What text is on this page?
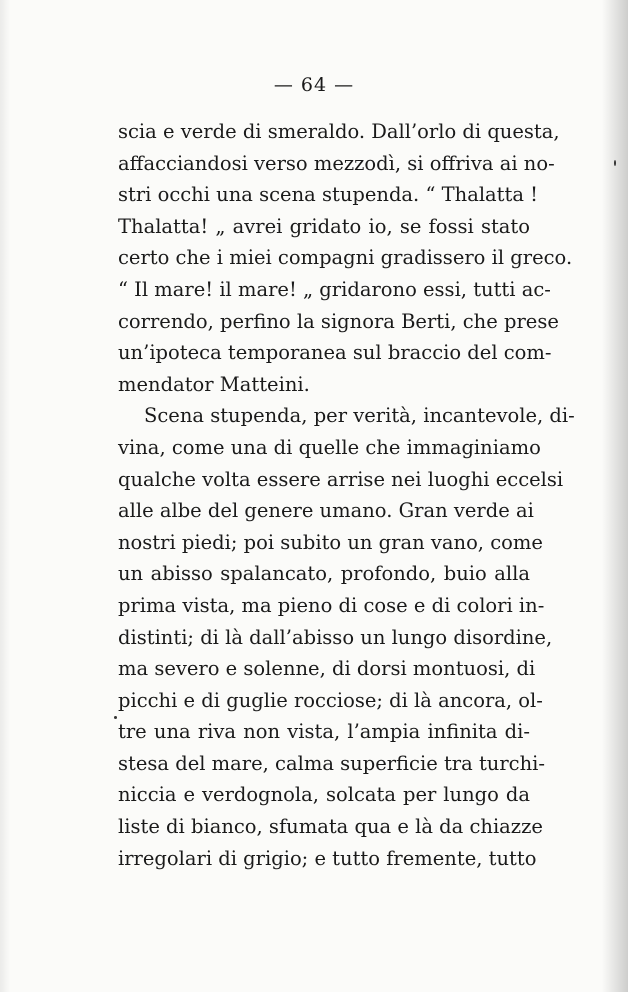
— 64 —
scia e verde di smeraldo. Dall’orlo di questa,
affacciandosi verso mezzodì, si offriva ai no-
stri occhi una scena stupenda. “ Thalatta !
Thalatta! „ avrei gridato io, se fossi stato
certo che i miei compagni gradissero il greco.
“ Il mare! il mare! „ gridarono essi, tutti ac-
correndo, perfino la signora Berti, che prese
un’ipoteca temporanea sul braccio del com-
mendator Matteini.
Scena stupenda, per verità, incantevole, di-
vina, come una di quelle che immaginiamo
qualche volta essere arrise nei luoghi eccelsi
alle albe del genere umano. Gran verde ai
nostri piedi; poi subito un gran vano, come
un abisso spalancato, profondo, buio alla
prima vista, ma pieno di cose e di colori in-
distinti; di là dall’abisso un lungo disordine,
ma severo e solenne, di dorsi montuosi, di
picchi e di guglie rocciose; di là ancora, ol-
tre una riva non vista, l’ampia infinita di-
stesa del mare, calma superficie tra turchi-
niccia e verdognola, solcata per lungo da
liste di bianco, sfumata qua e là da chiazze
irregolari di grigio; e tutto fremente, tutto
